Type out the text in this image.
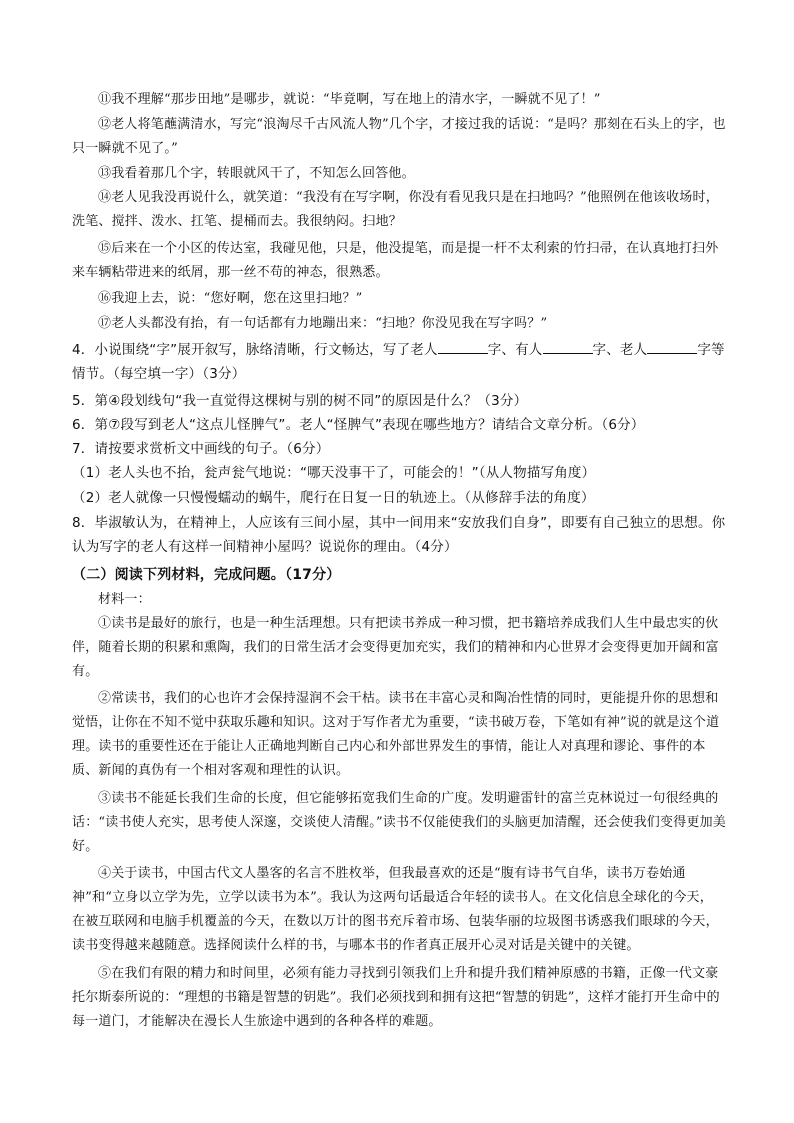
⑪我不理解“那步田地”是哪步，就说：“毕竟啊，写在地上的清水字，一瞬就不见了！”
⑫老人将笔蘸满清水，写完“浪淘尽千古风流人物”几个字，才接过我的话说：“是吗？那刻在石头上的字，也只一瞬就不见了。”
⑬我看着那几个字，转眼就风干了，不知怎么回答他。
⑭老人见我没再说什么，就笑道：“我没有在写字啊，你没有看见我只是在扫地吗？”他照例在他该收场时，洗笔、搅拌、泼水、扛笔、提桶而去。我很纳闷。扫地？
⑮后来在一个小区的传达室，我碰见他，只是，他没提笔，而是提一杆不太利索的竹扫帚，在认真地打扫外来车辆粘带进来的纸屑，那一丝不苟的神态，很熟悉。
⑯我迎上去，说：“您好啊，您在这里扫地？”
⑰老人头都没有抬，有一句话都有力地蹦出来：“扫地？你没见我在写字吗？”
4．小说围绕“字”展开叙写，脉络清晰，行文畅达，写了老人	字、有人	字、老人	字等情节。（每空填一字）（3分）
5．第④段划线句“我一直觉得这棵树与别的树不同”的原因是什么？（3分）
6．第⑦段写到老人“这点儿怪脾气”。老人“怪脾气”表现在哪些地方？请结合文章分析。（6分）
7．请按要求赏析文中画线的句子。（6分）
（1）老人头也不抬，瓮声瓮气地说：“哪天没事干了，可能会的！”（从人物描写角度）
（2）老人就像一只慢慢蠕动的蜗牛，爬行在日复一日的轨迹上。（从修辞手法的角度）
8．毕淑敏认为，在精神上，人应该有三间小屋，其中一间用来“安放我们自身”，即要有自己独立的思想。你认为写字的老人有这样一间精神小屋吗？说说你的理由。（4分）
（二）阅读下列材料，完成问题。（17分）
材料一：
①读书是最好的旅行，也是一种生活理想。只有把读书养成一种习惯，把书籍培养成我们人生中最忠实的伙伴，随着长期的积累和熏陶，我们的日常生活才会变得更加充实，我们的精神和内心世界才会变得更加开阔和富有。
②常读书，我们的心也许才会保持湿润不会干枯。读书在丰富心灵和陶冶性情的同时，更能提升你的思想和觉悟，让你在不知不觉中获取乐趣和知识。这对于写作者尤为重要，“读书破万卷，下笔如有神”说的就是这个道理。读书的重要性还在于能让人正确地判断自己内心和外部世界发生的事情，能让人对真理和谬论、事件的本质、新闻的真伪有一个相对客观和理性的认识。
③读书不能延长我们生命的长度，但它能够拓宽我们生命的广度。发明避雷针的富兰克林说过一句很经典的话：“读书使人充实，思考使人深邃，交谈使人清醒。”读书不仅能使我们的头脑更加清醒，还会使我们变得更加美好。
④关于读书，中国古代文人墨客的名言不胜枚举，但我最喜欢的还是“腹有诗书气自华，读书万卷始通神”和“立身以立学为先，立学以读书为本”。我认为这两句话最适合年轻的读书人。在文化信息全球化的今天，在被互联网和电脑手机覆盖的今天，在数以万计的图书充斥着市场、包装华丽的垃圾图书诱惑我们眼球的今天，读书变得越来越随意。选择阅读什么样的书，与哪本书的作者真正展开心灵对话是关键中的关键。
⑤在我们有限的精力和时间里，必须有能力寻找到引领我们上升和提升我们精神原感的书籍，正像一代文豪托尔斯泰所说的：“理想的书籍是智慧的钥匙”。我们必须找到和拥有这把“智慧的钥匙”，这样才能打开生命中的每一道门，才能解决在漫长人生旅途中遇到的各种各样的难题。
